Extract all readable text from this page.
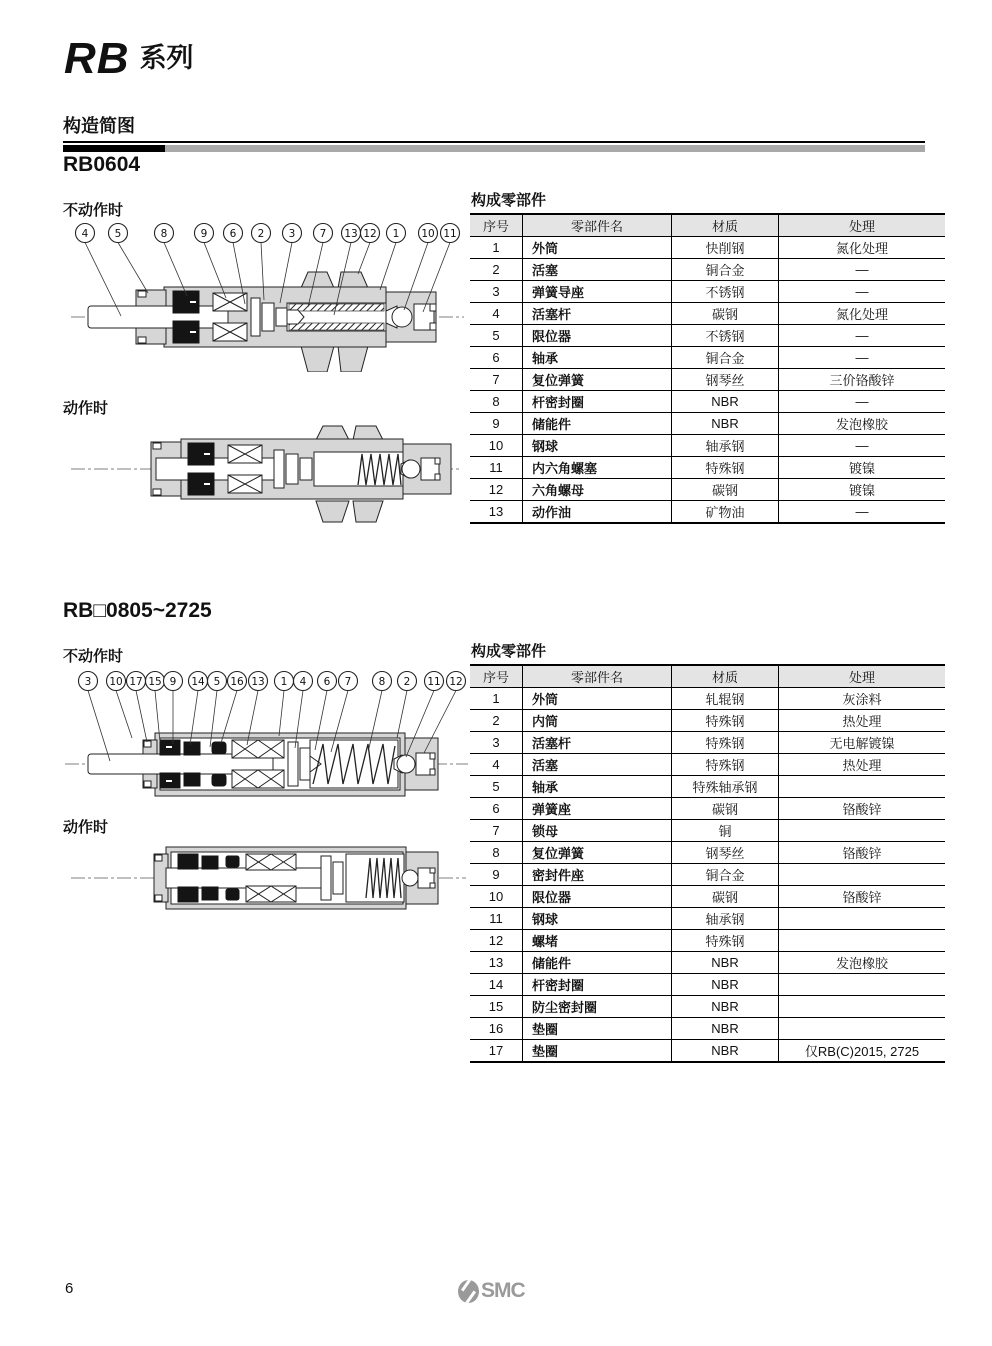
RB 系列
构造简图
RB0604
不动作时
4	5	8	9 6 2 3 7 13 12 1 10 11
动作时
构成零部件
序号	零部件名	材质	处理
1	外筒	快削钢	氮化处理
2	活塞	铜合金	—
3	弹簧导座	不锈钢	—
4	活塞杆	碳钢	氮化处理
5	限位器	不锈钢	—
6	轴承	铜合金	—
7	复位弹簧	钢琴丝	三价铬酸锌
8	杆密封圈	NBR	—
9	储能件	NBR	发泡橡胶
10	钢球	轴承钢	—
11	内六角螺塞	特殊钢	镀镍
12	六角螺母	碳钢	镀镍
13	动作油	矿物油	—
RB□0805~2725
不动作时
3 10 17 15 9 14 5 16 13 1 4 6 7	8 2 11 12
动作时
构成零部件
序号	零部件名	材质	处理
1	外筒	轧辊钢	灰涂料
2	内筒	特殊钢	热处理
3	活塞杆	特殊钢	无电解镀镍
4	活塞	特殊钢	热处理
5	轴承	特殊轴承钢	
6	弹簧座	碳钢	铬酸锌
7	锁母	铜	
8	复位弹簧	钢琴丝	铬酸锌
9	密封件座	铜合金	
10	限位器	碳钢	铬酸锌
11	钢球	轴承钢	
12	螺堵	特殊钢	
13	储能件	NBR	发泡橡胶
14	杆密封圈	NBR	
15	防尘密封圈	NBR	
16	垫圈	NBR	
17	垫圈	NBR	仅RB(C)2015, 2725
6	SMC
